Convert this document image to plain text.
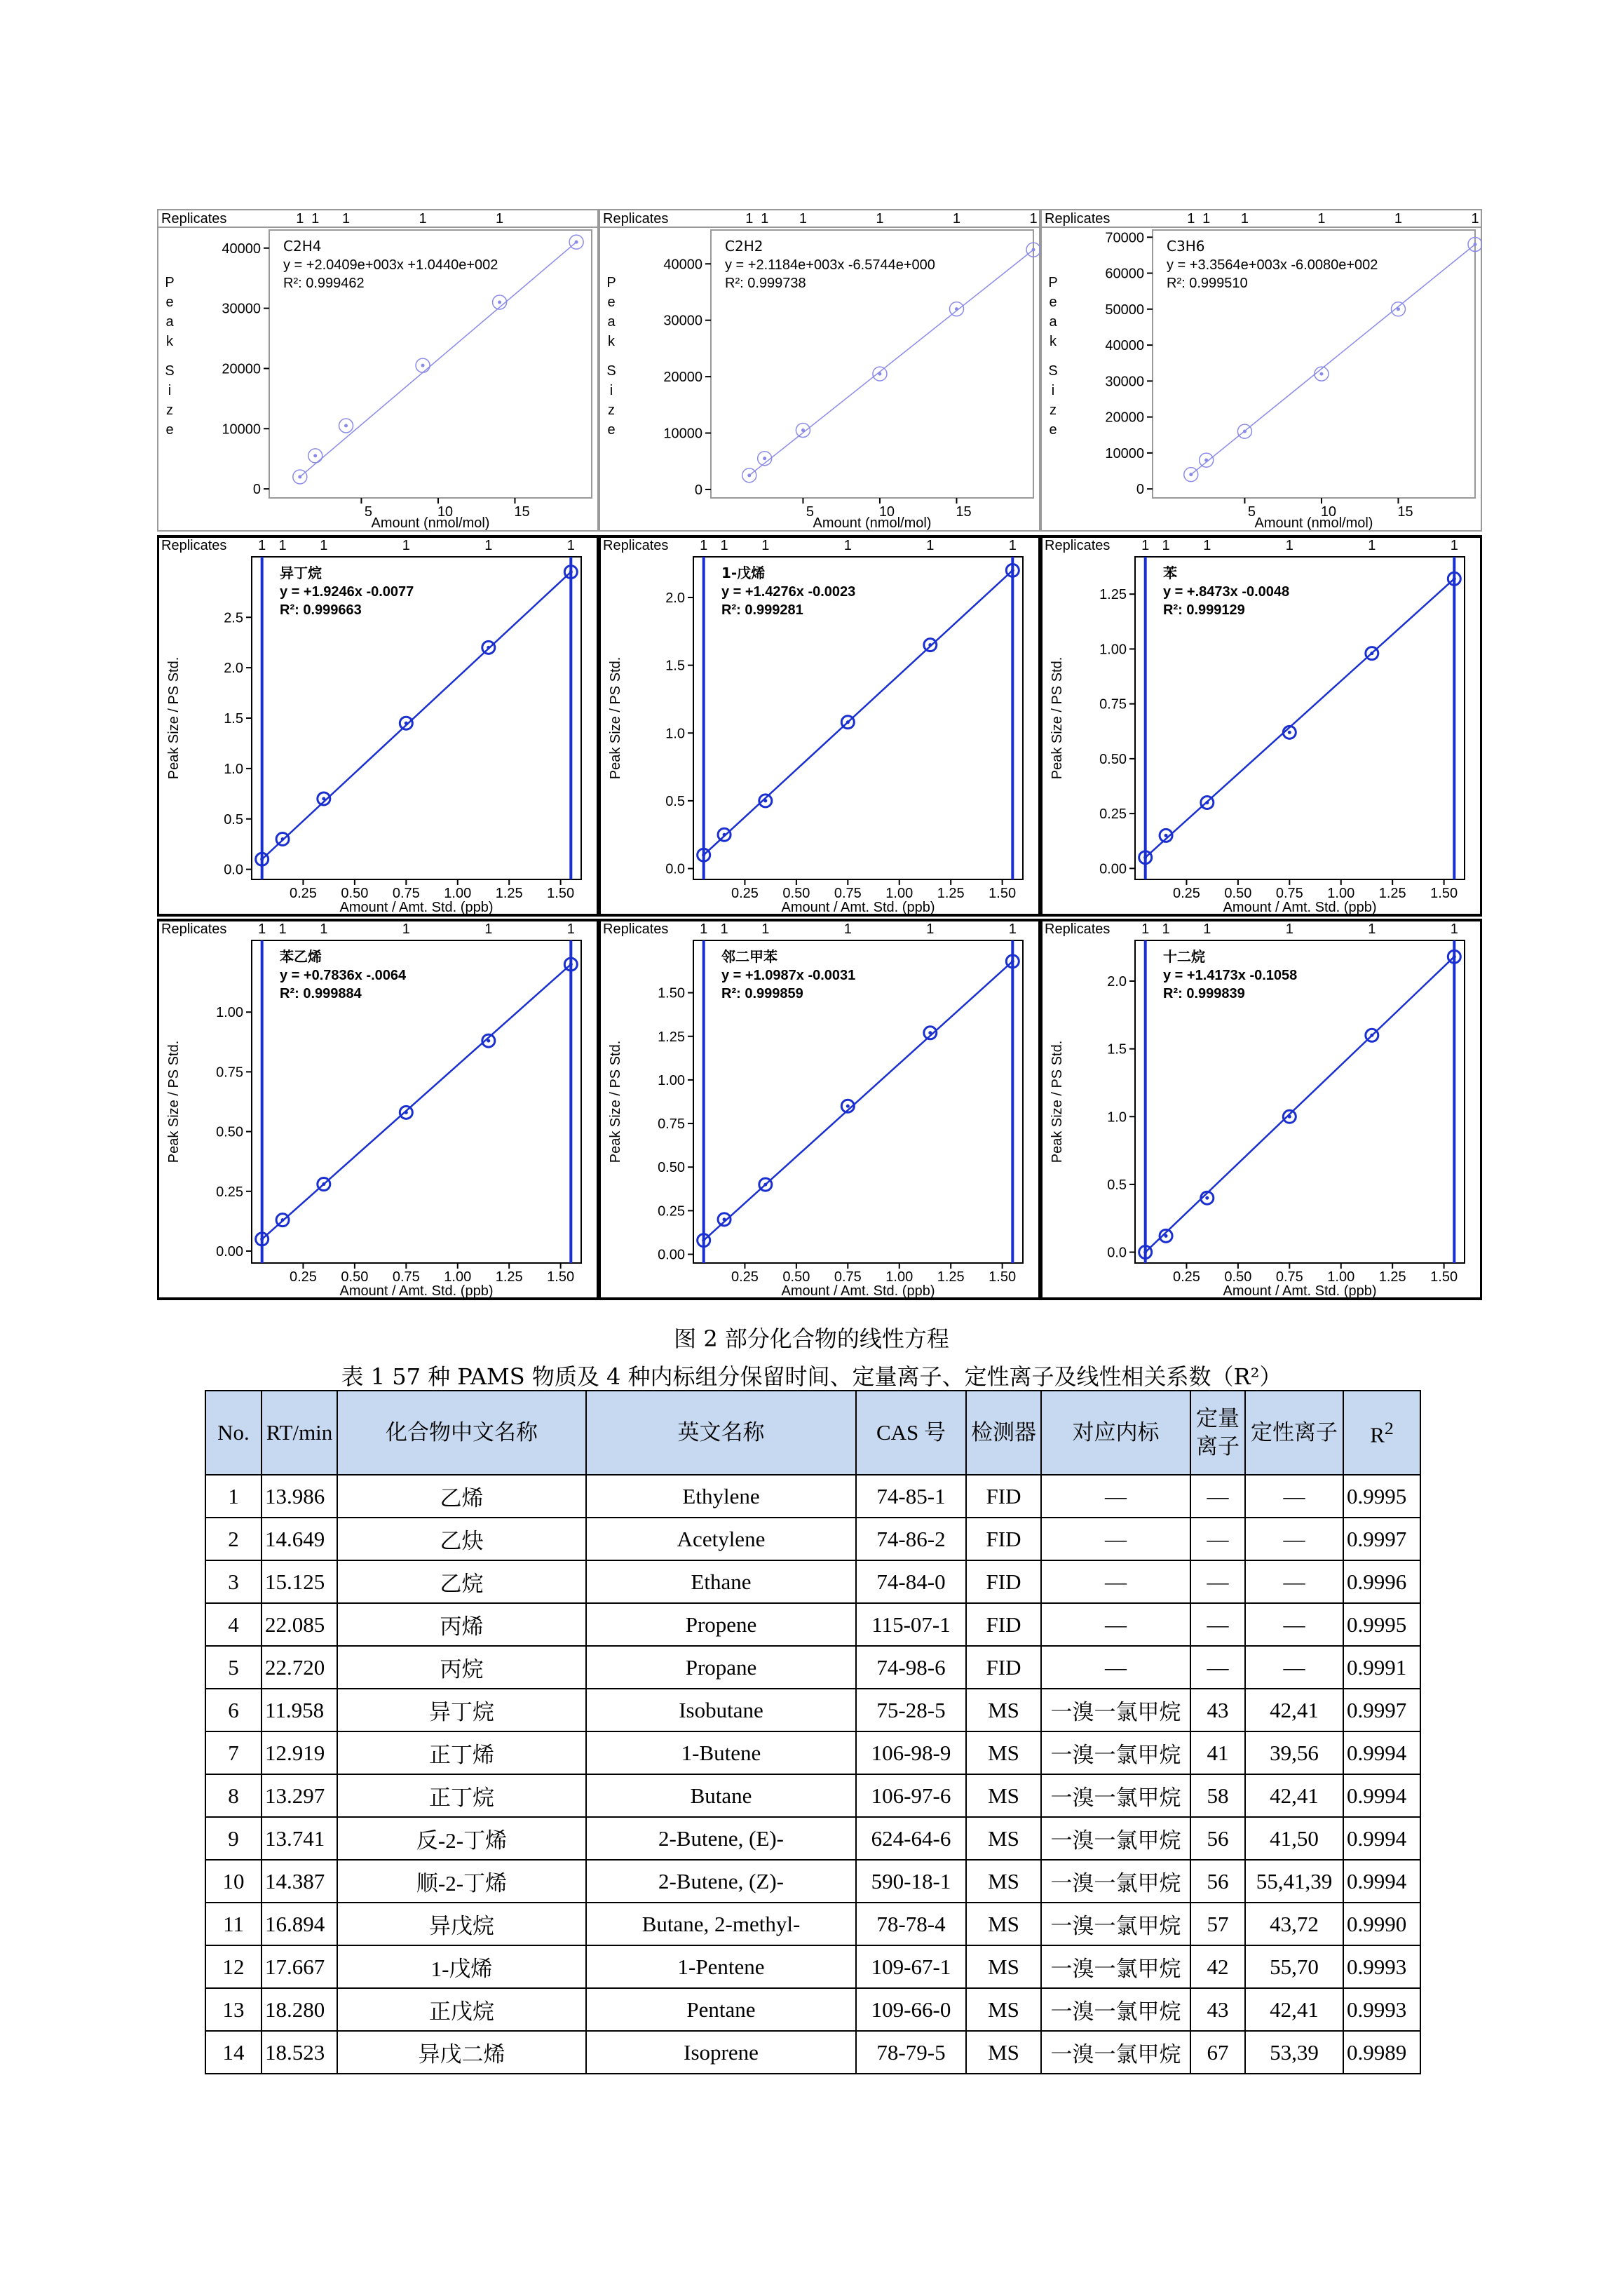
Replicates	1 1 1	1	1
0
10000
20000
30000
40000
5	10	15
Amount (nmol/mol)
P e a k S i z e
C2H4
y = +2.0409e+003x +1.0440e+002
R²: 0.999462
Replicates	1 1 1	1	1	1
0
10000
20000
30000
40000
5	10	15
Amount (nmol/mol)
P e a k S i z e
C2H2
y = +2.1184e+003x -6.5744e+000
R²: 0.999738
Replicates	1 1 1	1	1	1
0
10000
20000
30000
40000
50000
60000
70000
5	10	15
Amount (nmol/mol)
P e a k S i z e
C3H6
y = +3.3564e+003x -6.0080e+002
R²: 0.999510
Replicates 1 1 1	1	1	1
0.0
0.5
1.0
1.5
2.0
2.5
0.25 0.50 0.75 1.00 1.25 1.50
Amount / Amt. Std. (ppb)
Peak Size / PS Std.
异丁烷
y = +1.9246x -0.0077
R²: 0.999663
Replicates 1 1 1	1	1	1
0.0
0.5
1.0
1.5
2.0
0.25 0.50 0.75 1.00 1.25 1.50
Amount / Amt. Std. (ppb)
Peak Size / PS Std.
1-戊烯
y = +1.4276x -0.0023
R²: 0.999281
Replicates 1 1 1	1	1	1
0.00
0.25
0.50
0.75
1.00
1.25
0.25 0.50 0.75 1.00 1.25 1.50
Amount / Amt. Std. (ppb)
Peak Size / PS Std.
苯
y = +.8473x -0.0048
R²: 0.999129
Replicates 1 1 1	1	1	1
0.00
0.25
0.50
0.75
1.00
0.25 0.50 0.75 1.00 1.25 1.50
Amount / Amt. Std. (ppb)
Peak Size / PS Std.
苯乙烯
y = +0.7836x -.0064
R²: 0.999884
Replicates 1 1 1	1	1	1
0.00
0.25
0.50
0.75
1.00
1.25
1.50
0.25 0.50 0.75 1.00 1.25 1.50
Amount / Amt. Std. (ppb)
Peak Size / PS Std.
邻二甲苯
y = +1.0987x -0.0031
R²: 0.999859
Replicates 1 1 1	1	1	1
0.0
0.5
1.0
1.5
2.0
0.25 0.50 0.75 1.00 1.25 1.50
Amount / Amt. Std. (ppb)
Peak Size / PS Std.
十二烷
y = +1.4173x -0.1058
R²: 0.999839
图 2 部分化合物的线性方程
表 1 57 种 PAMS 物质及 4 种内标组分保留时间、定量离子、定性离子及线性相关系数（R²）
No.	RT/min	化合物中文名称	英文名称	CAS 号	检测器	对应内标	定量
离子	定性离子	$R^2$
1	13.986	乙烯	Ethylene	74-85-1	FID	—	—	—	0.9995
2	14.649	乙炔	Acetylene	74-86-2	FID	—	—	—	0.9997
3	15.125	乙烷	Ethane	74-84-0	FID	—	—	—	0.9996
4	22.085	丙烯	Propene	115-07-1	FID	—	—	—	0.9995
5	22.720	丙烷	Propane	74-98-6	FID	—	—	—	0.9991
6	11.958	异丁烷	Isobutane	75-28-5	MS	一溴一氯甲烷	43	42,41	0.9997
7	12.919	正丁烯	1-Butene	106-98-9	MS	一溴一氯甲烷	41	39,56	0.9994
8	13.297	正丁烷	Butane	106-97-6	MS	一溴一氯甲烷	58	42,41	0.9994
9	13.741	反-2-丁烯	2-Butene, (E)-	624-64-6	MS	一溴一氯甲烷	56	41,50	0.9994
10	14.387	顺-2-丁烯	2-Butene, (Z)-	590-18-1	MS	一溴一氯甲烷	56	55,41,39	0.9994
11	16.894	异戊烷	Butane, 2-methyl-	78-78-4	MS	一溴一氯甲烷	57	43,72	0.9990
12	17.667	1-戊烯	1-Pentene	109-67-1	MS	一溴一氯甲烷	42	55,70	0.9993
13	18.280	正戊烷	Pentane	109-66-0	MS	一溴一氯甲烷	43	42,41	0.9993
14	18.523	异戊二烯	Isoprene	78-79-5	MS	一溴一氯甲烷	67	53,39	0.9989
